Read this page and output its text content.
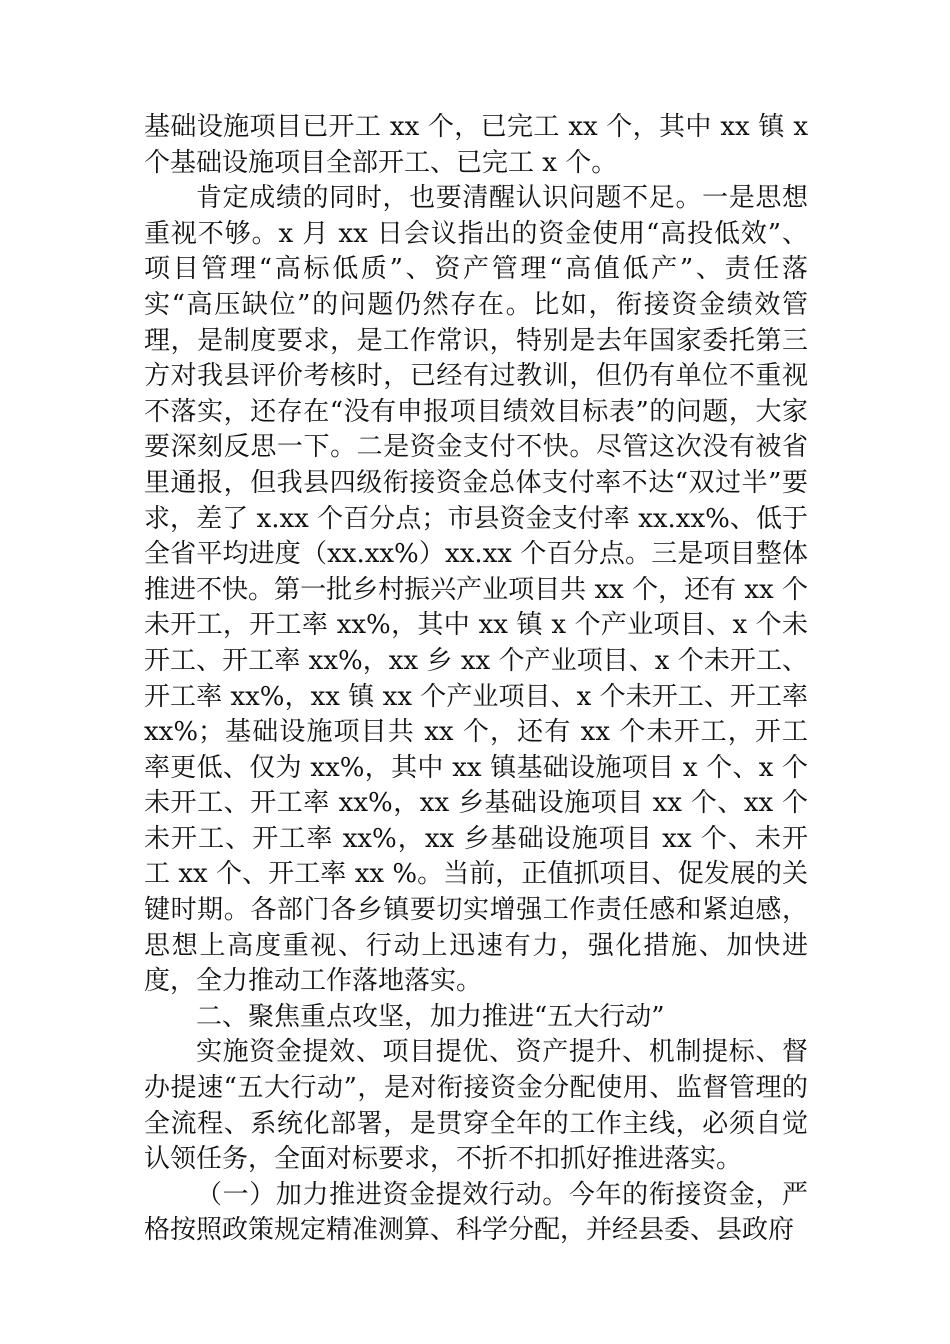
基础设施项目已开工 xx 个，已完工 xx 个，其中 xx 镇 x 个基础设施项目全部开工、已完工 x 个。

肯定成绩的同时，也要清醒认识问题不足。一是思想重视不够。x 月 xx 日会议指出的资金使用“高投低效”、项目管理“高标低质”、资产管理“高值低产”、责任落实“高压缺位”的问题仍然存在。比如，衔接资金绩效管理，是制度要求，是工作常识，特别是去年国家委托第三方对我县评价考核时，已经有过教训，但仍有单位不重视不落实，还存在“没有申报项目绩效目标表”的问题，大家要深刻反思一下。二是资金支付不快。尽管这次没有被省里通报，但我县四级衔接资金总体支付率不达“双过半”要求，差了 x.xx 个百分点；市县资金支付率 xx.xx%、低于全省平均进度（xx.xx%）xx.xx 个百分点。三是项目整体推进不快。第一批乡村振兴产业项目共 xx 个，还有 xx 个未开工，开工率 xx%，其中 xx 镇 x 个产业项目、x 个未开工、开工率 xx%，xx 乡 xx 个产业项目、x 个未开工、开工率 xx%，xx 镇 xx 个产业项目、x 个未开工、开工率 xx%；基础设施项目共 xx 个，还有 xx 个未开工，开工率更低、仅为 xx%，其中 xx 镇基础设施项目 x 个、x 个未开工、开工率 xx%，xx 乡基础设施项目 xx 个、xx 个未开工、开工率 xx%，xx 乡基础设施项目 xx 个、未开工 xx 个、开工率 xx %。当前，正值抓项目、促发展的关键时期。各部门各乡镇要切实增强工作责任感和紧迫感，思想上高度重视、行动上迅速有力，强化措施、加快进度，全力推动工作落地落实。

二、聚焦重点攻坚，加力推进“五大行动”

实施资金提效、项目提优、资产提升、机制提标、督办提速“五大行动”，是对衔接资金分配使用、监督管理的全流程、系统化部署，是贯穿全年的工作主线，必须自觉认领任务，全面对标要求，不折不扣抓好推进落实。

（一）加力推进资金提效行动。今年的衔接资金，严格按照政策规定精准测算、科学分配，并经县委、县政府
